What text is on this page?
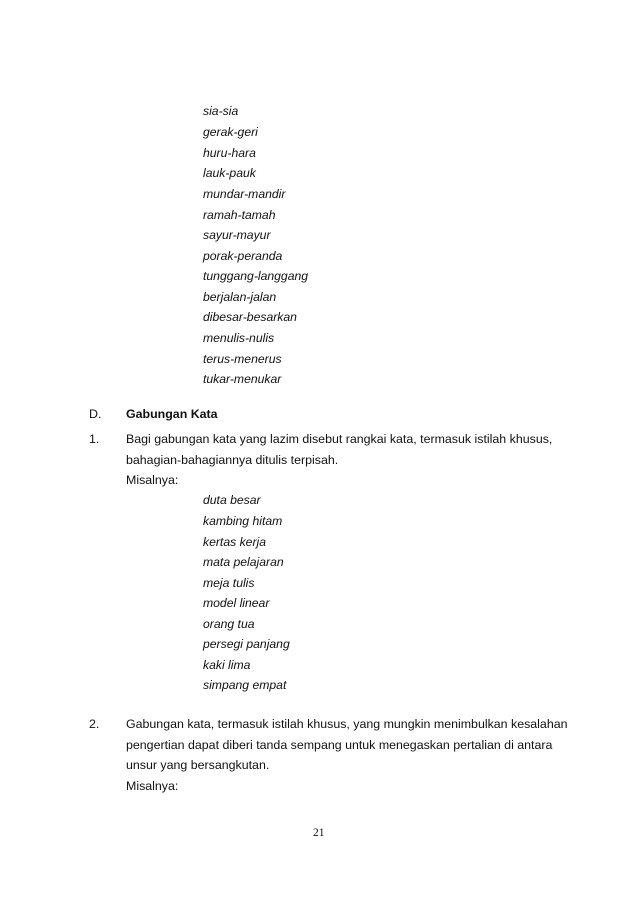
sia-sia
gerak-geri
huru-hara
lauk-pauk
mundar-mandir
ramah-tamah
sayur-mayur
porak-peranda
tunggang-langgang
berjalan-jalan
dibesar-besarkan
menulis-nulis
terus-menerus
tukar-menukar
D. Gabungan Kata
1. Bagi gabungan kata yang lazim disebut rangkai kata, termasuk istilah khusus,
bahagian-bahagiannya ditulis terpisah.
Misalnya:
duta besar
kambing hitam
kertas kerja
mata pelajaran
meja tulis
model linear
orang tua
persegi panjang
kaki lima
simpang empat
2. Gabungan kata, termasuk istilah khusus, yang mungkin menimbulkan kesalahan
pengertian dapat diberi tanda sempang untuk menegaskan pertalian di antara
unsur yang bersangkutan.
Misalnya:
21
